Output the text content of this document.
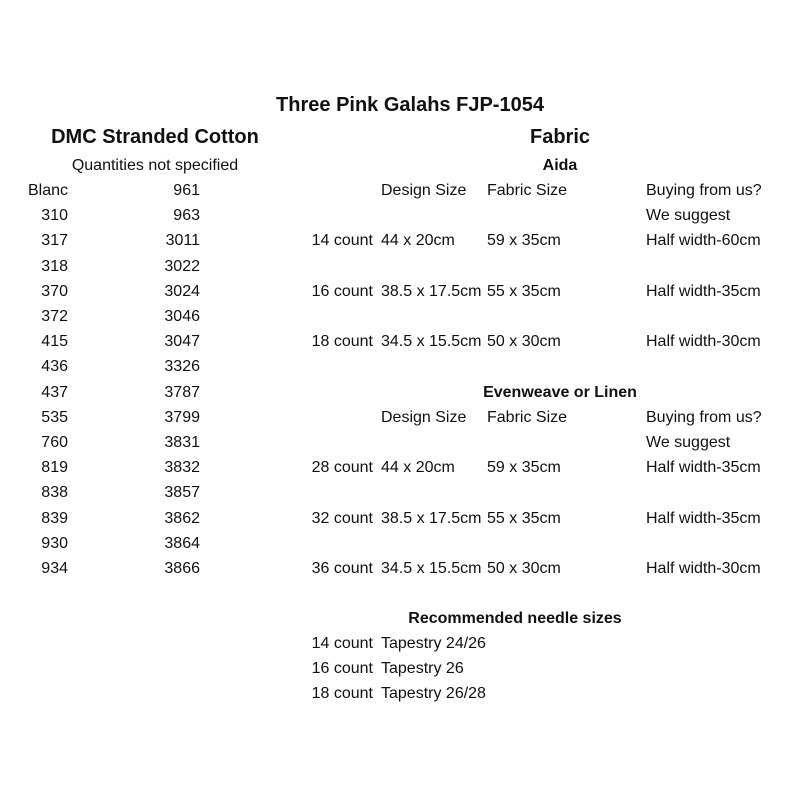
Three Pink Galahs FJP-1054
DMC Stranded Cotton
Quantities not specified
Blanc	961
310	963
317	3011
318	3022
370	3024
372	3046
415	3047
436	3326
437	3787
535	3799
760	3831
819	3832
838	3857
839	3862
930	3864
934	3866
Fabric
Aida
Design Size Fabric Size	Buying from us?
We suggest
14 count 44 x 20cm	59 x 35cm	Half width-60cm
16 count 38.5 x 17.5cm 55 x 35cm	Half width-35cm
18 count 34.5 x 15.5cm 50 x 30cm	Half width-30cm
Evenweave or Linen
Design Size Fabric Size	Buying from us?
We suggest
28 count 44 x 20cm	59 x 35cm	Half width-35cm
32 count 38.5 x 17.5cm 55 x 35cm	Half width-35cm
36 count 34.5 x 15.5cm 50 x 30cm	Half width-30cm
Recommended needle sizes
14 count Tapestry 24/26
16 count Tapestry 26
18 count Tapestry 26/28
